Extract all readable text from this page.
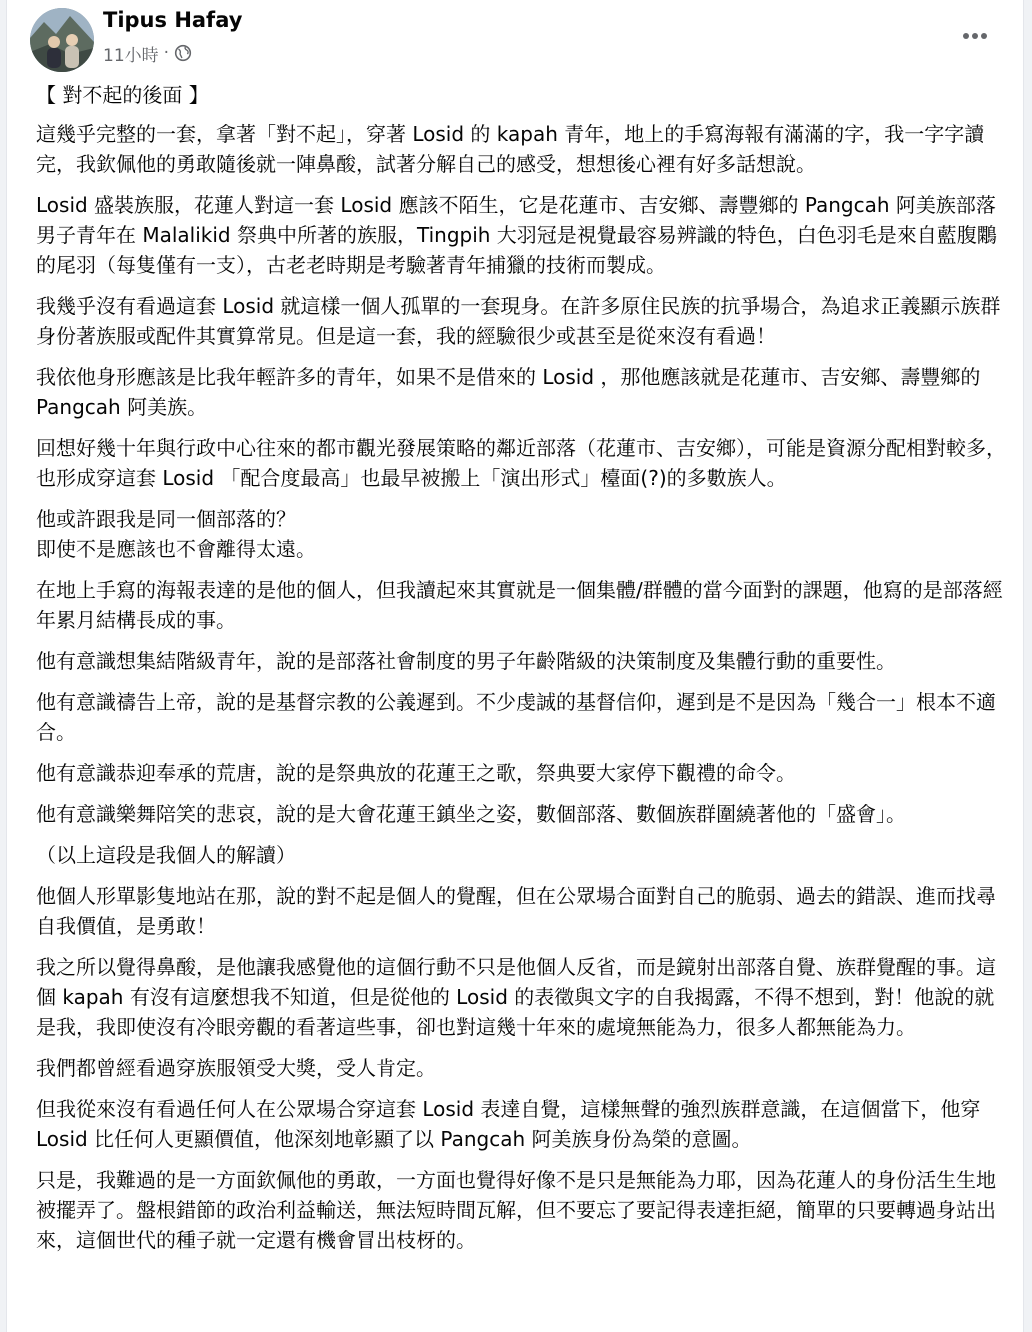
Tipus Hafay
11小時 ·

【 對不起的後面 】

這幾乎完整的一套，拿著「對不起」，穿著 Losid 的 kapah 青年，地上的手寫海報有滿滿的字，我一字字讀完，我欽佩他的勇敢隨後就一陣鼻酸，試著分解自己的感受，想想後心裡有好多話想說。

Losid 盛裝族服，花蓮人對這一套 Losid 應該不陌生，它是花蓮市、吉安鄉、壽豐鄉的 Pangcah 阿美族部落男子青年在 Malalikid 祭典中所著的族服，Tingpih 大羽冠是視覺最容易辨識的特色，白色羽毛是來自藍腹鷴的尾羽（每隻僅有一支），古老老時期是考驗著青年捕獵的技術而製成。

我幾乎沒有看過這套 Losid 就這樣一個人孤單的一套現身。在許多原住民族的抗爭場合，為追求正義顯示族群身份著族服或配件其實算常見。但是這一套，我的經驗很少或甚至是從來沒有看過！

我依他身形應該是比我年輕許多的青年，如果不是借來的 Losid ，那他應該就是花蓮市、吉安鄉、壽豐鄉的 Pangcah 阿美族。

回想好幾十年與行政中心往來的都市觀光發展策略的鄰近部落（花蓮市、吉安鄉），可能是資源分配相對較多，也形成穿這套 Losid 「配合度最高」也最早被搬上「演出形式」檯面(?)的多數族人。

他或許跟我是同一個部落的？
即使不是應該也不會離得太遠。

在地上手寫的海報表達的是他的個人，但我讀起來其實就是一個集體/群體的當今面對的課題，他寫的是部落經年累月結構長成的事。

他有意識想集結階級青年，說的是部落社會制度的男子年齡階級的決策制度及集體行動的重要性。

他有意識禱告上帝，說的是基督宗教的公義遲到。不少虔誠的基督信仰，遲到是不是因為「幾合一」根本不適合。

他有意識恭迎奉承的荒唐，說的是祭典放的花蓮王之歌，祭典要大家停下觀禮的命令。

他有意識樂舞陪笑的悲哀，說的是大會花蓮王鎮坐之姿，數個部落、數個族群圍繞著他的「盛會」。

（以上這段是我個人的解讀）

他個人形單影隻地站在那，說的對不起是個人的覺醒，但在公眾場合面對自己的脆弱、過去的錯誤、進而找尋自我價值，是勇敢！

我之所以覺得鼻酸，是他讓我感覺他的這個行動不只是他個人反省，而是鏡射出部落自覺、族群覺醒的事。這個 kapah 有沒有這麼想我不知道，但是從他的 Losid 的表徵與文字的自我揭露，不得不想到，對！他說的就是我，我即使沒有冷眼旁觀的看著這些事，卻也對這幾十年來的處境無能為力，很多人都無能為力。

我們都曾經看過穿族服領受大獎，受人肯定。

但我從來沒有看過任何人在公眾場合穿這套 Losid 表達自覺，這樣無聲的強烈族群意識，在這個當下，他穿 Losid 比任何人更顯價值，他深刻地彰顯了以 Pangcah 阿美族身份為榮的意圖。

只是，我難過的是一方面欽佩他的勇敢，一方面也覺得好像不是只是無能為力耶，因為花蓮人的身份活生生地被擺弄了。盤根錯節的政治利益輸送，無法短時間瓦解，但不要忘了要記得表達拒絕，簡單的只要轉過身站出來，這個世代的種子就一定還有機會冒出枝枒的。
